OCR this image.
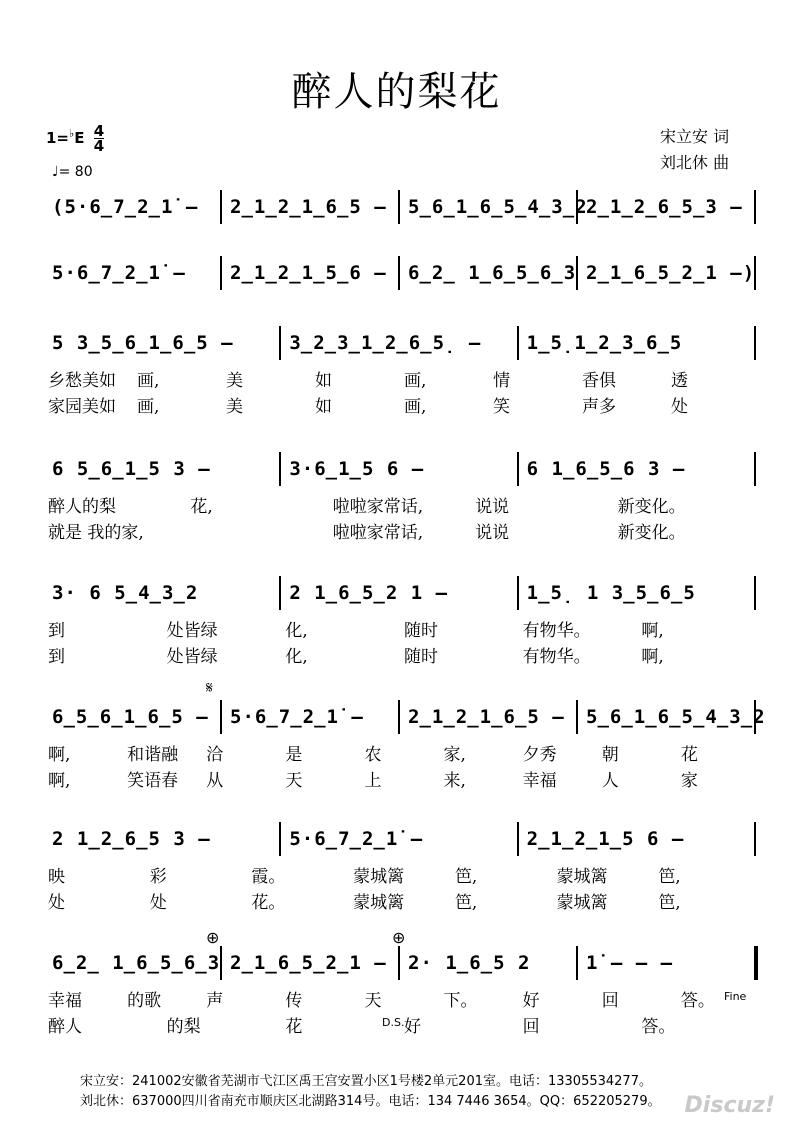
醉人的梨花
$1=^♭E \frac{4}{4}$
♩= 80
宋立安 词
刘北休 曲
(5·6̲7̲2̲1̇ – 2̲1̲2̲1̲6̲5 – 5̲6̲1̲6̲5̲4̲3̲2
2̲1̲2̲6̲5̲3 –
5·6̲7̲2̲1̇ – 2̲1̲2̲1̲5̲6 – 6̲2̲ 1̲6̲5̲6̲3 2̲1̲6̲5̲2̲1 –)
5 3̲5̲6̲1̲6̲5 –	3̲2̲3̲1̲2̲6̲5̣ – 1̲5̣1̲2̲3̲6̲5
乡愁美如 画,	美	如	画,	情	香俱	透
家园美如 画,	美	如	画,	笑	声多	处
6 5̲6̲1̲5 3 –	3·6̲1̲5 6 –	6 1̲6̲5̲6 3 –
醉人的梨	花,	啦啦家常话,	说说	新变化。
就是 我的家,	啦啦家常话,	说说	新变化。
3· 6 5̲4̲3̲2	2 1̲6̲5̲2 1 –	1̲5̣ 1 3̲5̲6̲5
到	处皆绿	化,	随时	有物华。	啊,
到	处皆绿	化,	随时	有物华。	啊,
6̲5̲6̲1̲6̲5 – 5·6̲7̲2̲1̇ – 2̲1̲2̲1̲6̲5 – 5̲6̲1̲6̲5̲4̲3̲2
啊,	和谐融 洽	是	农	家,	夕秀	朝	花
啊,	笑语春 从	天	上	来,	幸福	人	家
2 1̲2̲6̲5 3 –	5·6̲7̲2̲1̇ –	2̲1̲2̲1̲5 6 –
映	彩	霞。	蒙城篱	笆,	蒙城篱	笆,
处	处	花。	蒙城篱	笆,	蒙城篱	笆,
6̲2̲ 1̲6̲5̲6̲3 2̲1̲6̲5̲2̲1 – 2· 1̲6̲5 2	1̇ – – –
幸福	的歌	声	传	天	下。	好	回	答。
醉人	的梨	花	好	回	答。
𝄋
⊕	⊕
Fine
D.S.
宋立安：241002安徽省芜湖市弋江区禹王宫安置小区1号楼2单元201室。电话：13305534277。
刘北休：637000四川省南充市顺庆区北湖路314号。电话：134 7446 3654。QQ：652205279。 Discuz!
